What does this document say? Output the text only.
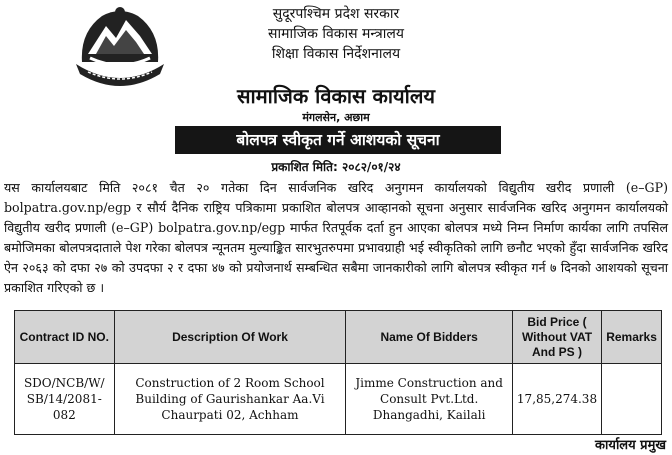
सुदूरपश्चिम प्रदेश सरकार
सामाजिक विकास मन्त्रालय
शिक्षा विकास निर्देशनालय
सामाजिक विकास कार्यालय
मंगलसेन, अछाम
बोलपत्र स्वीकृत गर्ने आशयको सूचना
प्रकाशित मिति: २०८२/०१/२४
यस कार्यालयबाट मिति २०८१ चैत २० गतेका दिन सार्वजनिक खरिद अनुगमन कार्यालयको विद्युतीय खरीद प्रणाली (e–GP) bolpatra.gov.np/egp र सौर्य दैनिक राष्ट्रिय पत्रिकामा प्रकाशित बोलपत्र आव्हानको सूचना अनुसार सार्वजनिक खरिद अनुगमन कार्यालयको विद्युतीय खरीद प्रणाली (e–GP) bolpatra.gov.np/egp मार्फत रितपूर्वक दर्ता हुन आएका बोलपत्र मध्ये निम्न निर्माण कार्यका लागि तपसिल बमोजिमका बोलपत्रदाताले पेश गरेका बोलपत्र न्यूनतम मुल्याङ्कित सारभुतरुपमा प्रभावग्राही भई स्वीकृतिको लागि छनौट भएको हुँदा सार्वजनिक खरिद ऐन २०६३ को दफा २७ को उपदफा २ र दफा ४७ को प्रयोजनार्थ सम्बन्धित सबैमा जानकारीको लागि बोलपत्र स्वीकृत गर्न ७ दिनको आशयको सूचना प्रकाशित गरिएको छ ।
Contract ID NO.	Description Of Work	Name Of Bidders	Bid Price ( Without VAT And PS )	Remarks
SDO/NCB/W/ SB/14/2081-082	Construction of 2 Room School Building of Gaurishankar Aa.Vi Chaurpati 02, Achham	Jimme Construction and Consult Pvt.Ltd. Dhangadhi, Kailali	17,85,274.38	
कार्यालय प्रमुख
